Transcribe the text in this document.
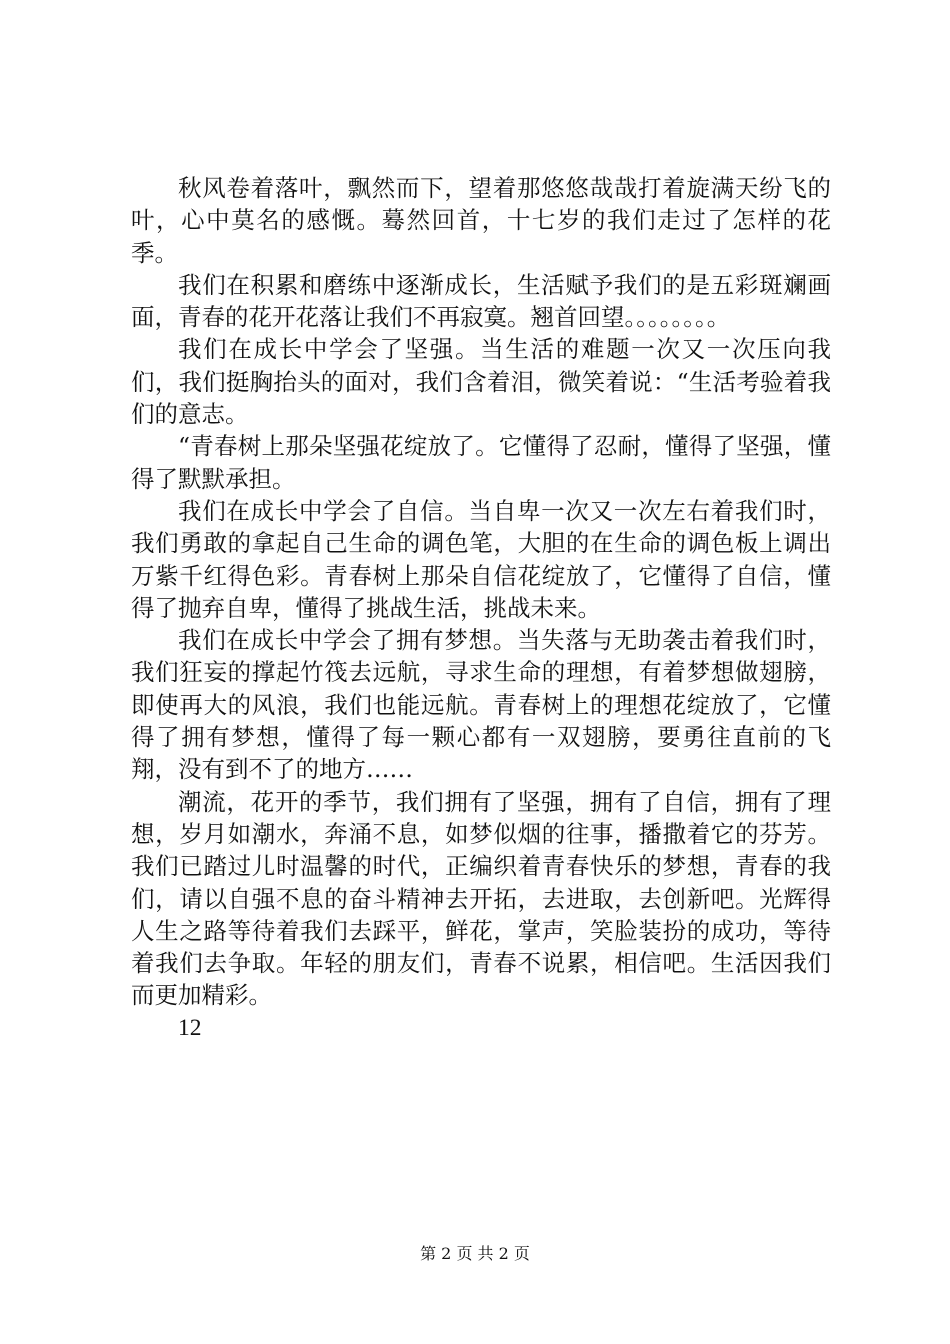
秋风卷着落叶，飘然而下，望着那悠悠哉哉打着旋满天纷飞的叶，心中莫名的感慨。蓦然回首，十七岁的我们走过了怎样的花季。

我们在积累和磨练中逐渐成长，生活赋予我们的是五彩斑斓画面，青春的花开花落让我们不再寂寞。翘首回望。。。。。。。。

我们在成长中学会了坚强。当生活的难题一次又一次压向我们，我们挺胸抬头的面对，我们含着泪，微笑着说：“生活考验着我们的意志。

“青春树上那朵坚强花绽放了。它懂得了忍耐，懂得了坚强，懂得了默默承担。

我们在成长中学会了自信。当自卑一次又一次左右着我们时，我们勇敢的拿起自己生命的调色笔，大胆的在生命的调色板上调出万紫千红得色彩。青春树上那朵自信花绽放了，它懂得了自信，懂得了抛弃自卑，懂得了挑战生活，挑战未来。

我们在成长中学会了拥有梦想。当失落与无助袭击着我们时，我们狂妄的撑起竹筏去远航，寻求生命的理想，有着梦想做翅膀，即使再大的风浪，我们也能远航。青春树上的理想花绽放了，它懂得了拥有梦想，懂得了每一颗心都有一双翅膀，要勇往直前的飞翔，没有到不了的地方……

潮流，花开的季节，我们拥有了坚强，拥有了自信，拥有了理想，岁月如潮水，奔涌不息，如梦似烟的往事，播撒着它的芬芳。我们已踏过儿时温馨的时代，正编织着青春快乐的梦想，青春的我们，请以自强不息的奋斗精神去开拓，去进取，去创新吧。光辉得人生之路等待着我们去踩平，鲜花，掌声，笑脸装扮的成功，等待着我们去争取。年轻的朋友们，青春不说累，相信吧。生活因我们而更加精彩。

12

第 2 页 共 2 页
